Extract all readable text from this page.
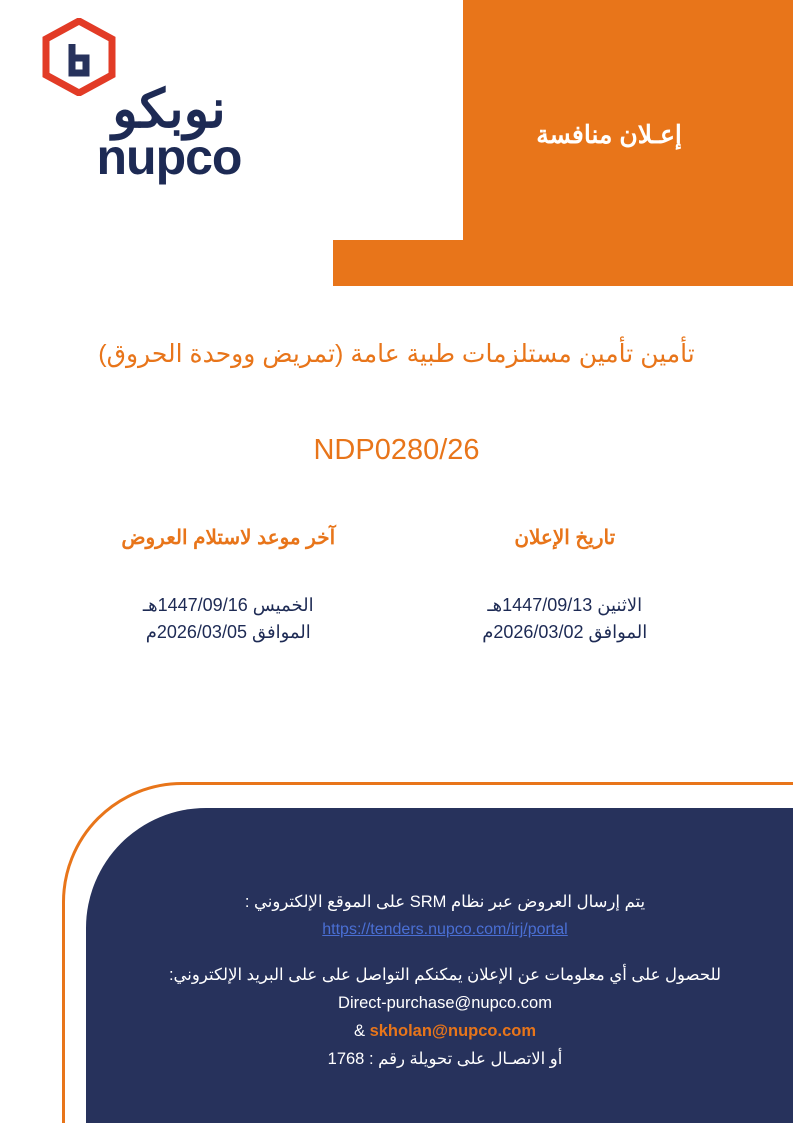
إعـلان منافسة
نوبكو
nupco
تأمين تأمين مستلزمات طبية عامة (تمريض ووحدة الحروق)
NDP0280/26
تاريخ الإعلان
الاثنين 1447/09/13هـ
الموافق 2026/03/02م
آخر موعد لاستلام العروض
الخميس 1447/09/16هـ
الموافق 2026/03/05م
يتم إرسال العروض عبر نظام SRM على الموقع الإلكتروني :
https://tenders.nupco.com/irj/portal
للحصول على أي معلومات عن الإعلان يمكنكم التواصل على على البريد الإلكتروني:
Direct-purchase@nupco.com
skholan@nupco.com &
أو الاتصـال على تحويلة رقم : 1768
